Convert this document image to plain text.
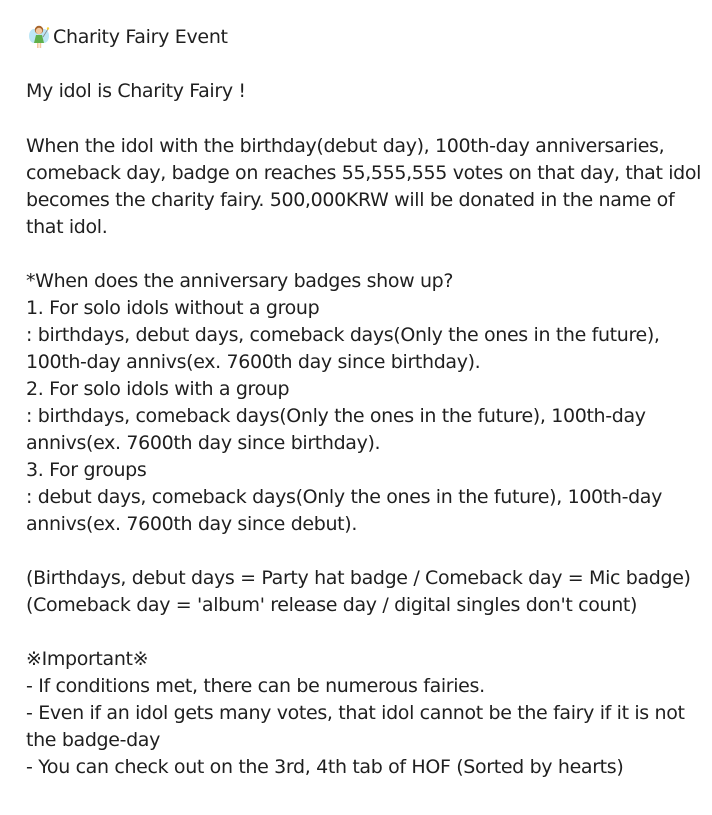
Charity Fairy Event

My idol is Charity Fairy !

When the idol with the birthday(debut day), 100th-day anniversaries,
comeback day, badge on reaches 55,555,555 votes on that day, that idol
becomes the charity fairy. 500,000KRW will be donated in the name of
that idol.

*When does the anniversary badges show up?
1. For solo idols without a group
: birthdays, debut days, comeback days(Only the ones in the future),
100th-day annivs(ex. 7600th day since birthday).
2. For solo idols with a group
: birthdays, comeback days(Only the ones in the future), 100th-day
annivs(ex. 7600th day since birthday).
3. For groups
: debut days, comeback days(Only the ones in the future), 100th-day
annivs(ex. 7600th day since debut).

(Birthdays, debut days = Party hat badge / Comeback day = Mic badge)
(Comeback day = 'album' release day / digital singles don't count)

※Important※
- If conditions met, there can be numerous fairies.
- Even if an idol gets many votes, that idol cannot be the fairy if it is not
the badge-day
- You can check out on the 3rd, 4th tab of HOF (Sorted by hearts)
